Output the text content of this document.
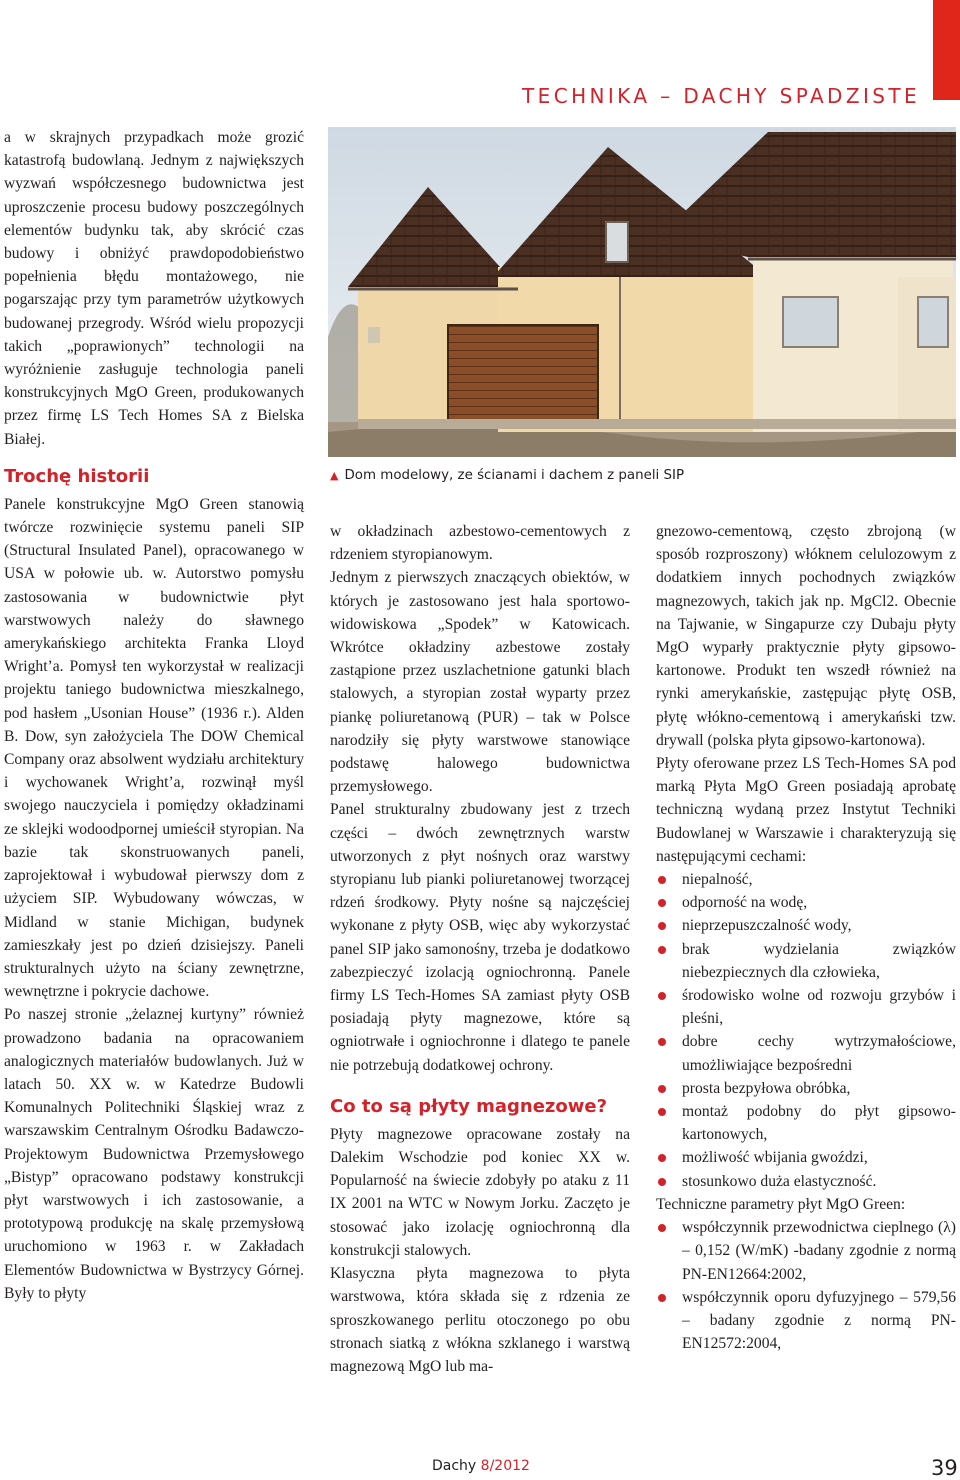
TECHNIKA – DACHY SPADZISTE

a w skrajnych przypadkach może grozić katastrofą budowlaną. Jednym z największych wyzwań współczesnego budownictwa jest uproszczenie procesu budowy poszczególnych elementów budynku tak, aby skrócić czas budowy i obniżyć prawdopodobieństwo popełnienia błędu montażowego, nie pogarszając przy tym parametrów użytkowych budowanej przegrody. Wśród wielu propozycji takich „poprawionych” technologii na wyróżnienie zasługuje technologia paneli konstrukcyjnych MgO Green, produkowanych przez firmę LS Tech Homes SA z Bielska Białej.

Trochę historii

Panele konstrukcyjne MgO Green stanowią twórcze rozwinięcie systemu paneli SIP (Structural Insulated Panel), opracowanego w USA w połowie ub. w. Autorstwo pomysłu zastosowania w budownictwie płyt warstwowych należy do sławnego amerykańskiego architekta Franka Lloyd Wright’a. Pomysł ten wykorzystał w realizacji projektu taniego budownictwa mieszkalnego, pod hasłem „Usonian House” (1936 r.). Alden B. Dow, syn założyciela The DOW Chemical Company oraz absolwent wydziału architektury i wychowanek Wright’a, rozwinął myśl swojego nauczyciela i pomiędzy okładzinami ze sklejki wodoodpornej umieścił styropian. Na bazie tak skonstruowanych paneli, zaprojektował i wybudował pierwszy dom z użyciem SIP. Wybudowany wówczas, w Midland w stanie Michigan, budynek zamieszkały jest po dzień dzisiejszy. Paneli strukturalnych użyto na ściany zewnętrzne, wewnętrzne i pokrycie dachowe.

Po naszej stronie „żelaznej kurtyny” również prowadzono badania na opracowaniem analogicznych materiałów budowlanych. Już w latach 50. XX w. w Katedrze Budowli Komunalnych Politechniki Śląskiej wraz z warszawskim Centralnym Ośrodku Badawczo-Projektowym Budownictwa Przemysłowego „Bistyp” opracowano podstawy konstrukcji płyt warstwowych i ich zastosowanie, a prototypową produkcję na skalę przemysłową uruchomiono w 1963 r. w Zakładach Elementów Budownictwa w Bystrzycy Górnej. Były to płyty

▲ Dom modelowy, ze ścianami i dachem z paneli SIP

w okładzinach azbestowo-cementowych z rdzeniem styropianowym.

Jednym z pierwszych znaczących obiektów, w których je zastosowano jest hala sportowo-widowiskowa „Spodek” w Katowicach. Wkrótce okładziny azbestowe zostały zastąpione przez uszlachetnione gatunki blach stalowych, a styropian został wyparty przez piankę poliuretanową (PUR) – tak w Polsce narodziły się płyty warstwowe stanowiące podstawę halowego budownictwa przemysłowego.

Panel strukturalny zbudowany jest z trzech części – dwóch zewnętrznych warstw utworzonych z płyt nośnych oraz warstwy styropianu lub pianki poliuretanowej tworzącej rdzeń środkowy. Płyty nośne są najczęściej wykonane z płyty OSB, więc aby wykorzystać panel SIP jako samonośny, trzeba je dodatkowo zabezpieczyć izolacją ogniochronną. Panele firmy LS Tech-Homes SA zamiast płyty OSB posiadają płyty magnezowe, które są ogniotrwałe i ogniochronne i dlatego te panele nie potrzebują dodatkowej ochrony.

Co to są płyty magnezowe?

Płyty magnezowe opracowane zostały na Dalekim Wschodzie pod koniec XX w. Popularność na świecie zdobyły po ataku z 11 IX 2001 na WTC w Nowym Jorku. Zaczęto je stosować jako izolację ogniochronną dla konstrukcji stalowych.

Klasyczna płyta magnezowa to płyta warstwowa, która składa się z rdzenia ze sproszkowanego perlitu otoczonego po obu stronach siatką z włókna szklanego i warstwą magnezową MgO lub ma-

gnezowo-cementową, często zbrojoną (w sposób rozproszony) włóknem celulozowym z dodatkiem innych pochodnych związków magnezowych, takich jak np. MgCl2. Obecnie na Tajwanie, w Singapurze czy Dubaju płyty MgO wyparły praktycznie płyty gipsowo-kartonowe. Produkt ten wszedł również na rynki amerykańskie, zastępując płytę OSB, płytę włókno-cementową i amerykański tzw. drywall (polska płyta gipsowo-kartonowa).

Płyty oferowane przez LS Tech-Homes SA pod marką Płyta MgO Green posiadają aprobatę techniczną wydaną przez Instytut Techniki Budowlanej w Warszawie i charakteryzują się następującymi cechami:

niepalność,
odporność na wodę,
nieprzepuszczalność wody,
brak wydzielania związków niebezpiecznych dla człowieka,
środowisko wolne od rozwoju grzybów i pleśni,
dobre cechy wytrzymałościowe, umożliwiające bezpośredni
prosta bezpyłowa obróbka,
montaż podobny do płyt gipsowo-kartonowych,
możliwość wbijania gwoździ,
stosunkowo duża elastyczność.

Techniczne parametry płyt MgO Green:

współczynnik przewodnictwa cieplnego (λ) – 0,152 (W/mK) -badany zgodnie z normą PN-EN12664:2002,
współczynnik oporu dyfuzyjnego – 579,56 – badany zgodnie z normą PN-EN12572:2004,
Dachy 8/2012	39
